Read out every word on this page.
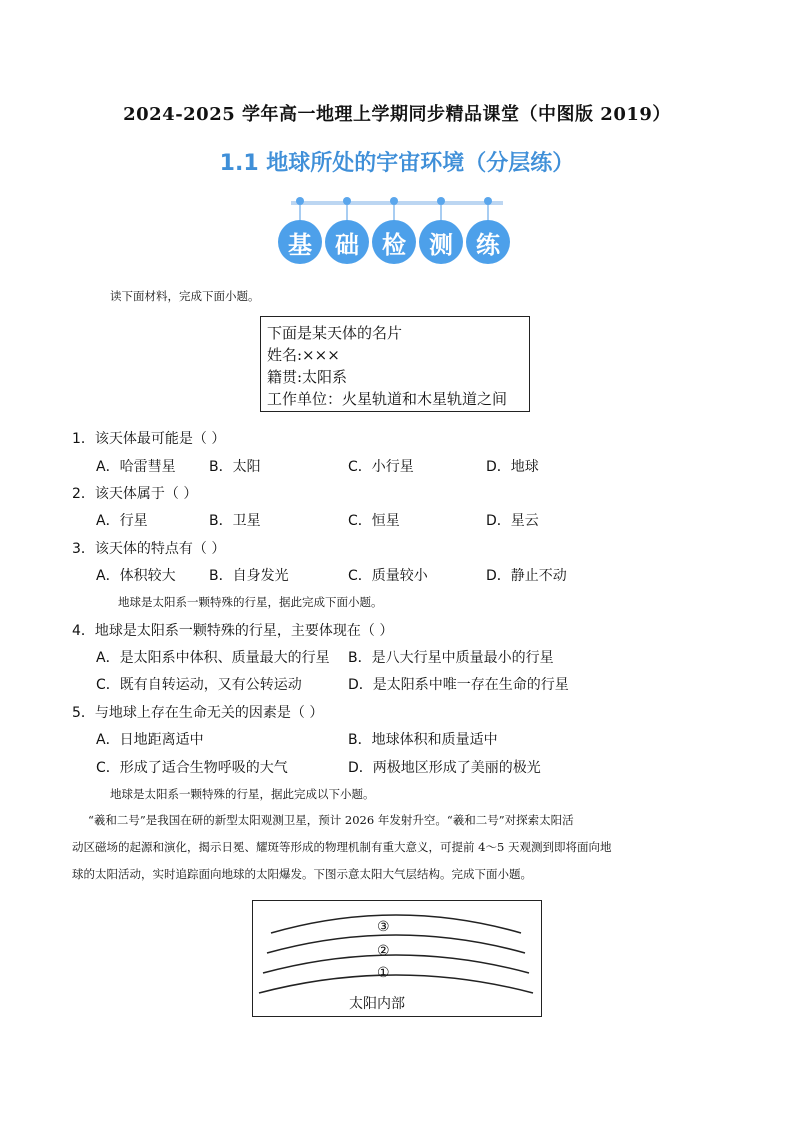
2024-2025 学年高一地理上学期同步精品课堂（中图版 2019）
1.1 地球所处的宇宙环境（分层练）
基 础 检 测 练
读下面材料，完成下面小题。
下面是某天体的名片
姓名:×××
籍贯:太阳系
工作单位：火星轨道和木星轨道之间
1．该天体最可能是（ ）
A．哈雷彗星 B．太阳	C．小行星	D．地球
2．该天体属于（ ）
A．行星	B．卫星	C．恒星	D．星云
3．该天体的特点有（ ）
A．体积较大 B．自身发光	C．质量较小	D．静止不动
地球是太阳系一颗特殊的行星，据此完成下面小题。
4．地球是太阳系一颗特殊的行星，主要体现在（ ）
A．是太阳系中体积、质量最大的行星 B．是八大行星中质量最小的行星
C．既有自转运动，又有公转运动	D．是太阳系中唯一存在生命的行星
5．与地球上存在生命无关的因素是（ ）
A．日地距离适中	B．地球体积和质量适中
C．形成了适合生物呼吸的大气	D．两极地区形成了美丽的极光
地球是太阳系一颗特殊的行星，据此完成以下小题。
“羲和二号”是我国在研的新型太阳观测卫星，预计 2026 年发射升空。“羲和二号”对探索太阳活
动区磁场的起源和演化，揭示日冕、耀斑等形成的物理机制有重大意义，可提前 4～5 天观测到即将面向地
球的太阳活动，实时追踪面向地球的太阳爆发。下图示意太阳大气层结构。完成下面小题。
③
②
①
太阳内部
